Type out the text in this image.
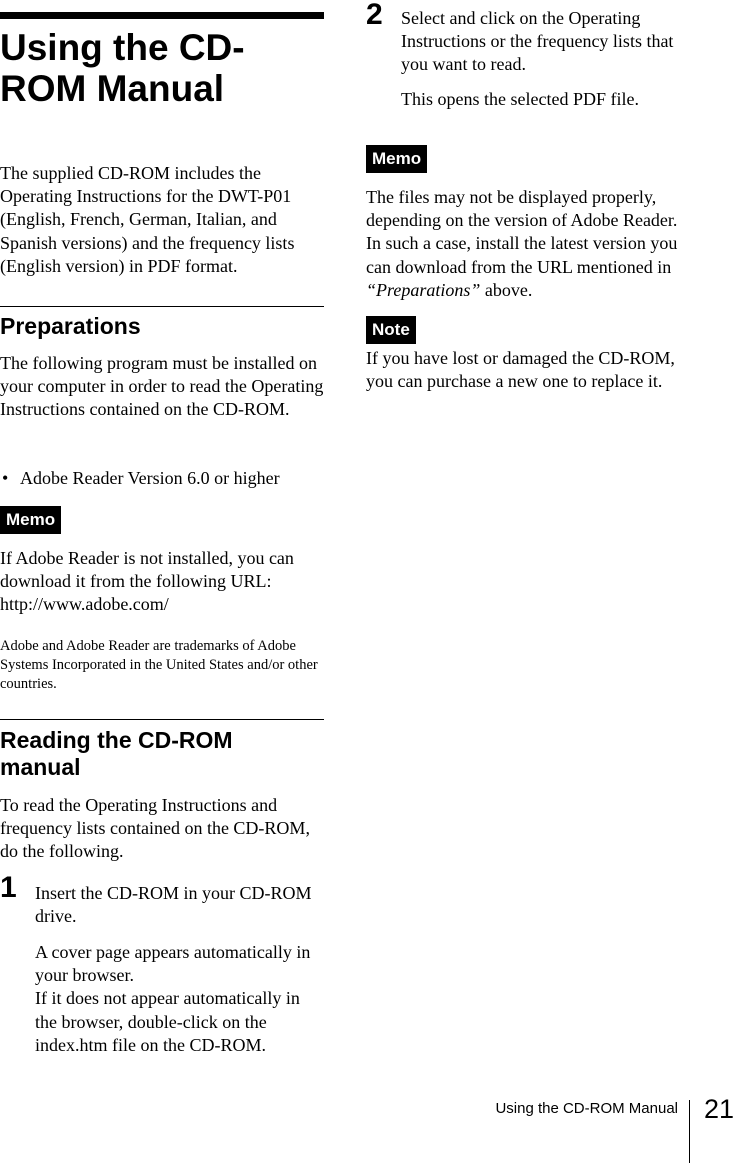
Using the CD-ROM Manual

The supplied CD-ROM includes the Operating Instructions for the DWT-P01 (English, French, German, Italian, and Spanish versions) and the frequency lists (English version) in PDF format.

Preparations

The following program must be installed on your computer in order to read the Operating Instructions contained on the CD-ROM.

• Adobe Reader Version 6.0 or higher

Memo

If Adobe Reader is not installed, you can download it from the following URL:

http://www.adobe.com/

Adobe and Adobe Reader are trademarks of Adobe Systems Incorporated in the United States and/or other countries.

Reading the CD-ROM manual

To read the Operating Instructions and frequency lists contained on the CD-ROM, do the following.

1 Insert the CD-ROM in your CD-ROM drive.

A cover page appears automatically in your browser.

If it does not appear automatically in the browser, double-click on the index.htm file on the CD-ROM.

2 Select and click on the Operating Instructions or the frequency lists that you want to read.

This opens the selected PDF file.

Memo

The files may not be displayed properly, depending on the version of Adobe Reader. In such a case, install the latest version you can download from the URL mentioned in “Preparations” above.

Note

If you have lost or damaged the CD-ROM, you can purchase a new one to replace it.

Using the CD-ROM Manual 21
